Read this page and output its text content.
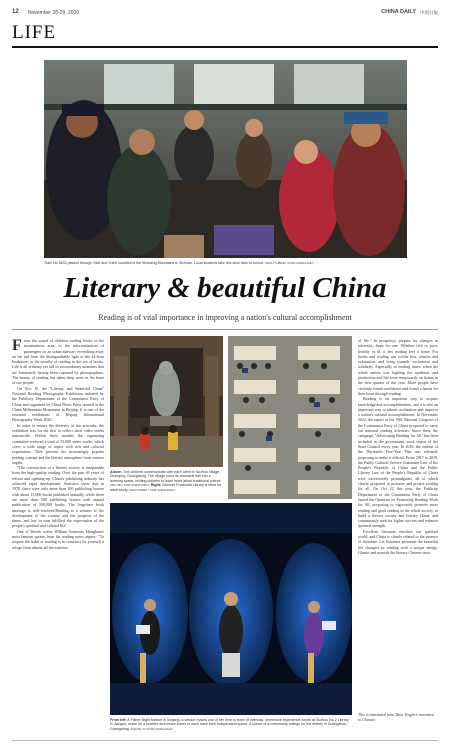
12 November 28-29, 2020	CHINA DAILY 中国日报
LIFE
Train No 5633 passes through Xide and Yuexi counties in the Wumeng Mountains in Sichuan. Local students take this slow train to school. ZHOU YUBING / FOR CHINA DAILY
Literary & beautiful China
Reading is of vital importance in improving a nation's cultural accomplishment

From the sound of children reading books in the mountainous area, to the informatization of passengers on an urban subway; everything away on the rail from the distinguishable light of the 24-hour bookstore, to the novelty of reading in the sea of books. Life is all ordinary yet full of extraordinary moments that are fortunately having been captured by photographers. The beauty of reading has taken deep roots in the heart of our people.

On Nov 10, the "Literary and Beautiful China" National Reading Photography Exhibition initiated by the Publicity Department of the Communist Party of China and organized by China Photo Press opened at the China Millennium Monument in Beijing. It is one of the essential exhibitions of Beijing International Photography Week 2020.

In order to ensure the diversity of the artworks, the exhibition was for the first to collect short video works nationwide. Within three months the organizing committee received a total of 35,000 video works, which cover a wide range of topics with rich and colorful expressions. They present the increasingly popular reading concept and the literary atmosphere from various angles.

"The construction of a literary society is inseparable from the high-quality reading. Over the past 40 years of reform and opening-up, China's publishing industry has achieved rapid development. Statistics show that in 1978, there were only more than 100 publishing houses with about 15,000 books published annually, while there are more than 580 publishing houses with annual publication of 500,000 books. The long-time book shortage is well-resolved.Reading is a witness to the development of the country and the progress of the times, and has in turn fulfilled the expectation of the people's spiritual and cultural life.

One of British writer William Somerset Maugham's most famous quotes from his reading notes argues: "To acquire the habit of reading is to construct for yourself a refuge from almost all the miseries

Above: Two children communicate with each other in Suzhou village, Zhaoqing, Guangdong. The village turns its ancestral hall into a learning space, inviting children to learn more about traditional culture. ZOU JIN / FOR CHINA DAILY Right: Sichuan Provincial Library is ideal for adult study. ZHAO KAIBO / FOR CHINA DAILY
From left: A Fisher Night Market in Xinjiang, a vendor makes use of her time to learn of intervals. Immersive experience zones at Suzhou No 2 Library in Jiangsu, make for a readers and music lovers to each have their independent space. A corner of a community college for the elderly in Guangzhou, Guangdong. ZHANG YI / FOR CHINA DAILY

of life." In prosperity, prepare for changes in adversity; hope for one. Whether rich or poor, healthy or ill, it lets reading feel a home. For books and reading can soothe fear, tension and exhaustion, and bring warmth, excitement and solidarity. Especially in reading times, when the whole nation was fighting the epidemic and production and life were temporarily on hiatus in the first quarter of the year. More people have certainly found confidence and found a haven for their heart through reading.

Reading is an important way to acquire knowledge and accomplishments, and it is also an important way to inherit civilization and improve a nation's cultural accomplishment. In November 2012, the report of the 18th National Congress of the Communist Party of China proposed to carry out national reading activities. Since then, the campaign "Advocating Reading for All" has been included in the government work report of the State Council every year. In 2016, the outline of the Thirteenth Five-Year Plan was released, proposing to make it official. From 2017 to 2019, the Public Cultural Service Guarantee Law of the People's Republic of China and the Public Library Law of the People's Republic of China were successively promulgated, all of which clearly proposed to promote and protect reading for all. On Oct 22 this year, the Publicity Department of the Communist Party of China issued the Opinions on Promoting Reading Work for All, proposing to vigorously promote more reading and good reading in the whole society, to build a literary society and literary China, and continuously seek for higher success and enhance spiritual strength.

Excellent literature enriches our spiritual world, and China is closely related to the essence of literature. Let literature permeate the beautiful life changed by reading with a unique energy. Glance and nourish the literary Chinese story.

This is translated from Zhou Yingjie's narration in Chinese.
